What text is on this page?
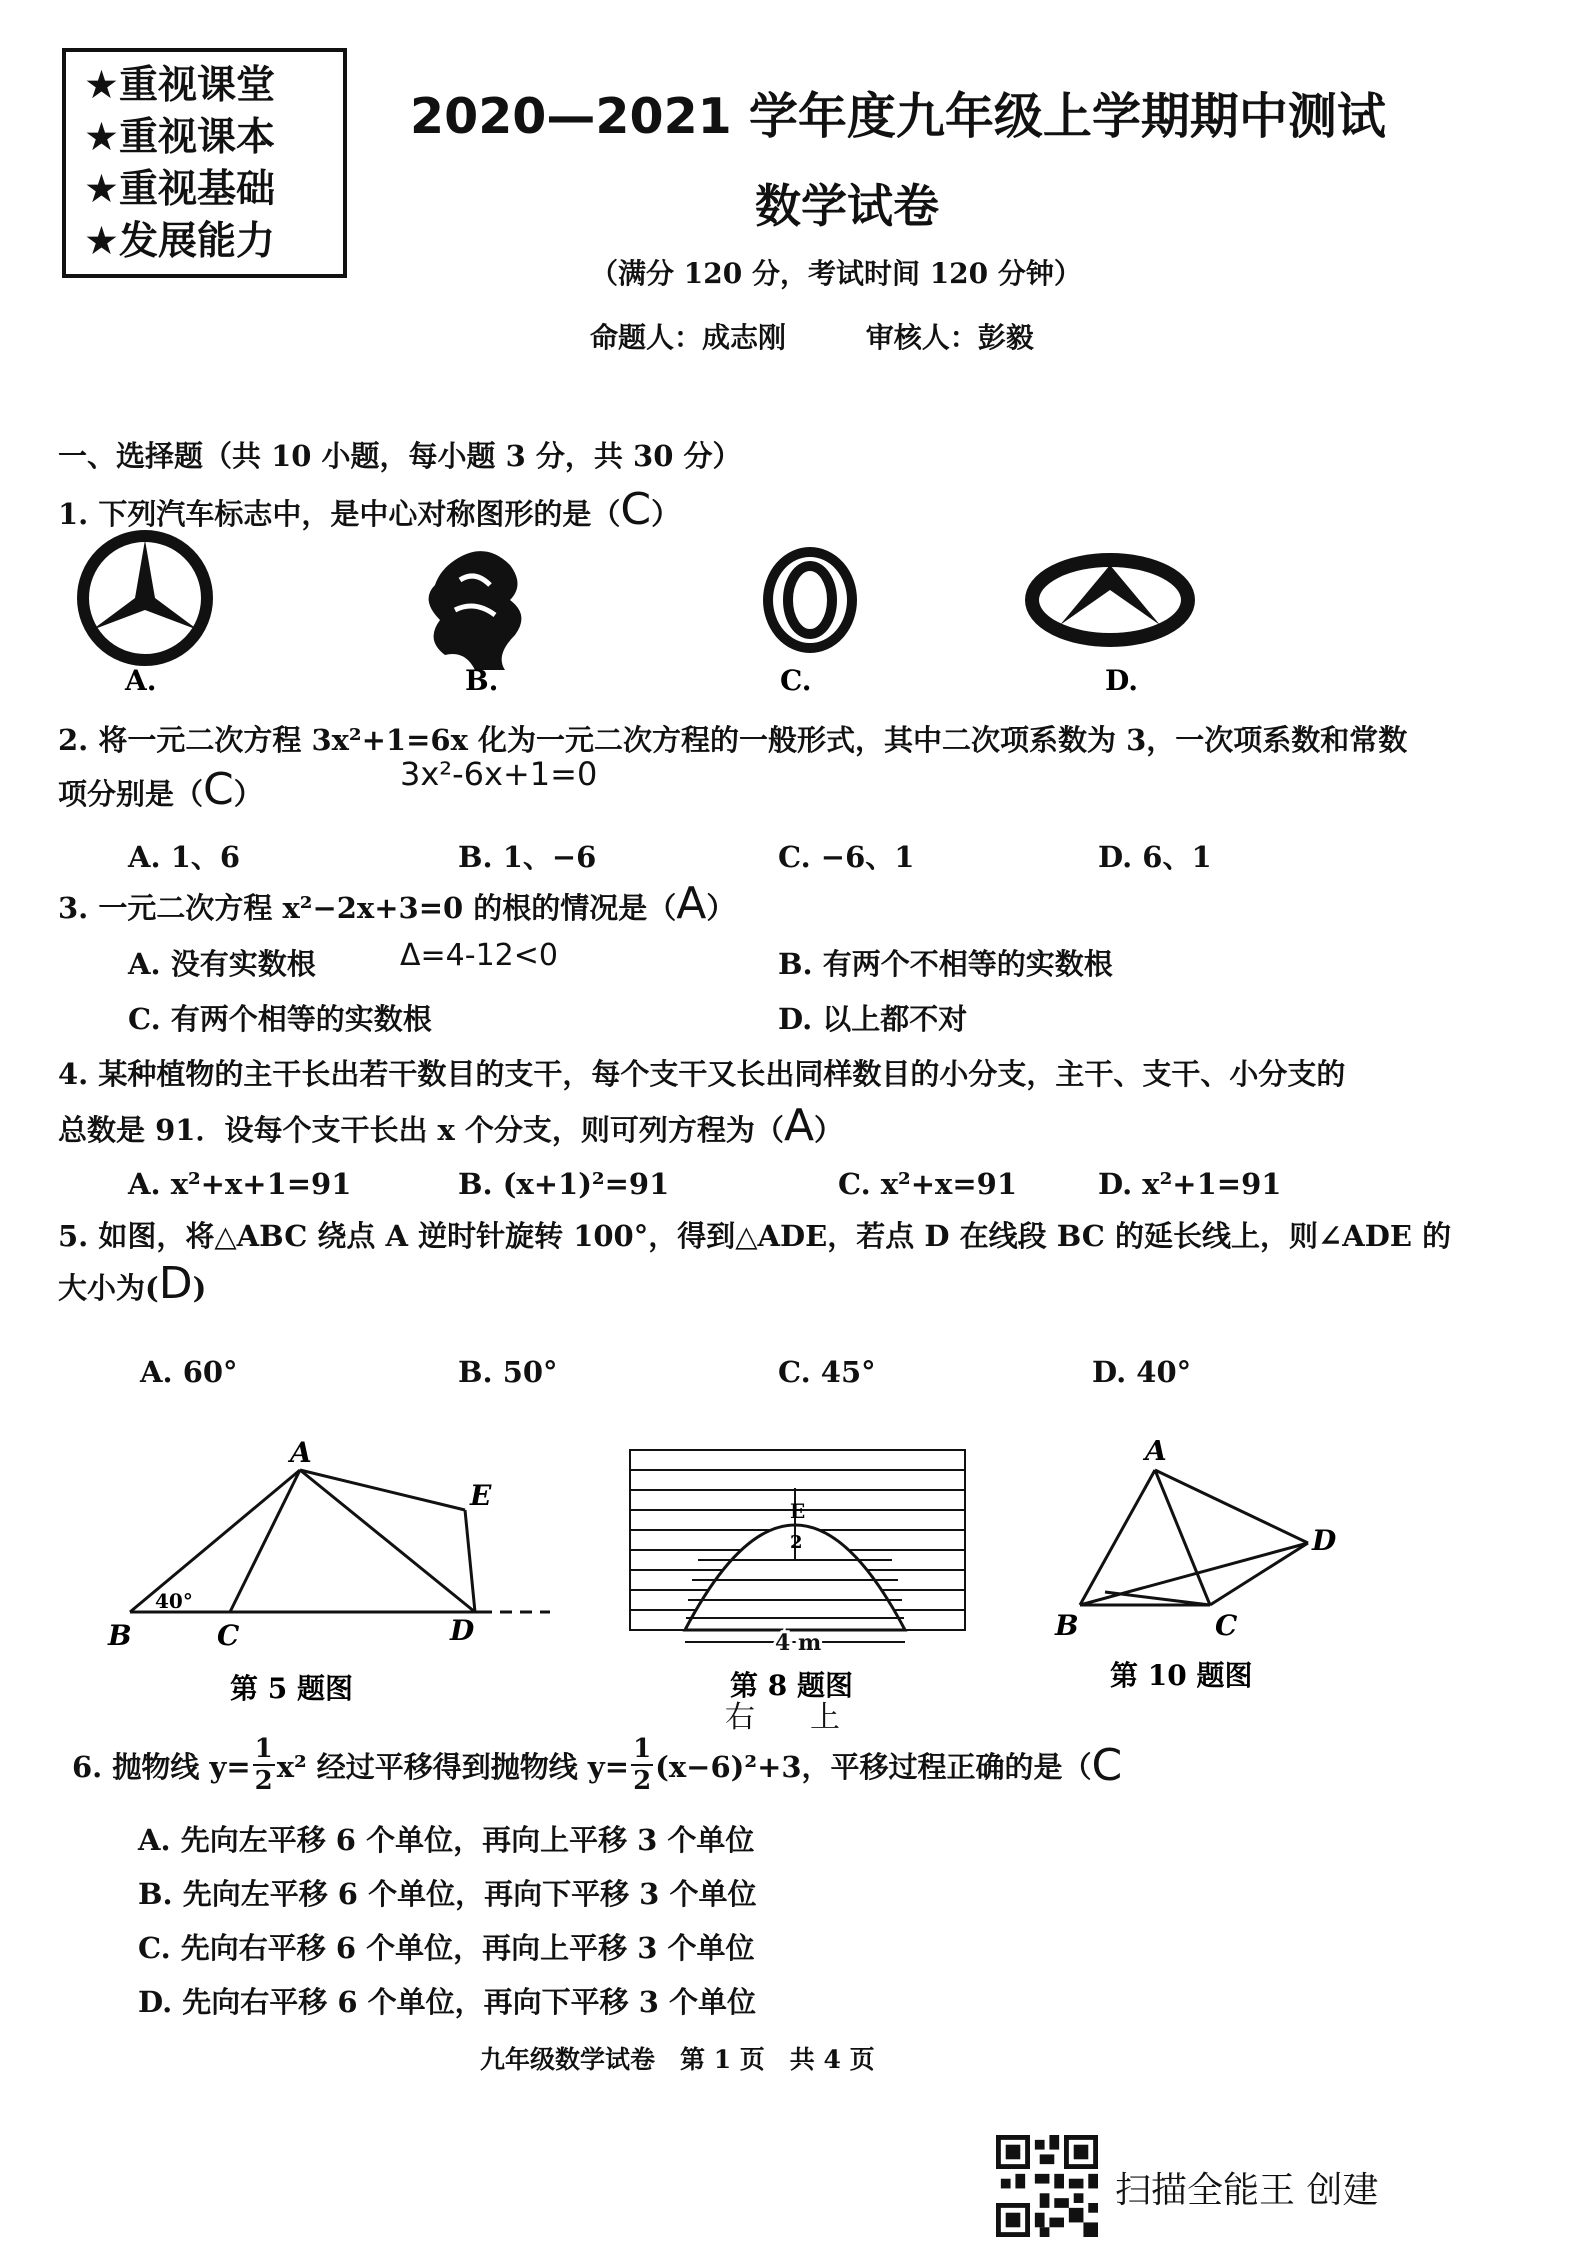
★重视课堂
★重视课本
★重视基础
★发展能力
2020—2021 学年度九年级上学期期中测试
数学试卷
（满分 120 分，考试时间 120 分钟）
命题人：成志刚	审核人：彭毅
一、选择题（共 10 小题，每小题 3 分，共 30 分）
1. 下列汽车标志中，是中心对称图形的是（C）
A.	B.	C.	D.
2. 将一元二次方程 3x²+1=6x 化为一元二次方程的一般形式，其中二次项系数为 3，一次项系数和常数
项分别是（C）
3x²-6x+1=0
A. 1、6	B. 1、−6	C. −6、1	D. 6、1
3. 一元二次方程 x²−2x+3=0 的根的情况是（A）
Δ=4-12<0
A. 没有实数根	B. 有两个不相等的实数根
C. 有两个相等的实数根	D. 以上都不对
4. 某种植物的主干长出若干数目的支干，每个支干又长出同样数目的小分支，主干、支干、小分支的
总数是 91．设每个支干长出 x 个分支，则可列方程为（A）
A. x²+x+1=91	B. (x+1)²=91	C. x²+x=91	D. x²+1=91
5. 如图，将△ABC 绕点 A 逆时针旋转 100°，得到△ADE，若点 D 在线段 BC 的延长线上，则∠ADE 的
大小为(D)
A. 60°	B. 50°	C. 45°	D. 40°
A
E
B	C	D
40°
第 5 题图
E
2
4 m
第 8 题图
A
D
B	C
第 10 题图
6. 抛物线 $y= \frac{1}{2} x^2$ 经过平移得到抛物线 $y= \frac{1}{2} (x-6)^2+3$，平移过程正确的是（ C
右 上
A. 先向左平移 6 个单位，再向上平移 3 个单位
B. 先向左平移 6 个单位，再向下平移 3 个单位
C. 先向右平移 6 个单位，再向上平移 3 个单位
D. 先向右平移 6 个单位，再向下平移 3 个单位
九年级数学试卷　第 1 页　共 4 页
扫描全能王 创建
